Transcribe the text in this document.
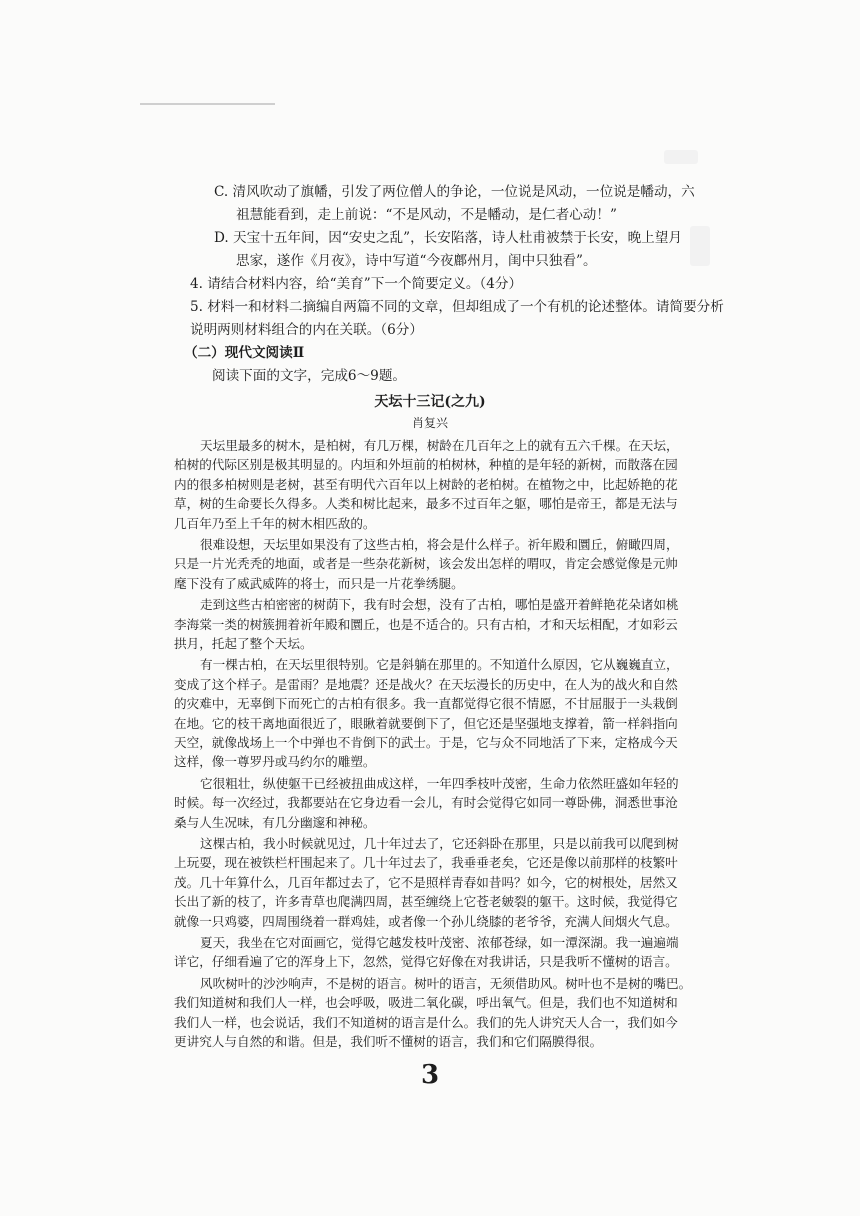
C. 清风吹动了旗幡，引发了两位僧人的争论，一位说是风动，一位说是幡动，六
祖慧能看到，走上前说：“不是风动，不是幡动，是仁者心动！”
D. 天宝十五年间，因“安史之乱”，长安陷落，诗人杜甫被禁于长安，晚上望月
思家，遂作《月夜》，诗中写道“今夜鄜州月，闺中只独看”。
4. 请结合材料内容，给“美育”下一个简要定义。（4分）
5. 材料一和材料二摘编自两篇不同的文章，但却组成了一个有机的论述整体。请简要分析
说明两则材料组合的内在关联。（6分）
（二）现代文阅读Ⅱ
阅读下面的文字，完成6～9题。
天坛十三记(之九)
肖复兴
天坛里最多的树木，是柏树，有几万棵，树龄在几百年之上的就有五六千棵。在天坛，
柏树的代际区别是极其明显的。内垣和外垣前的柏树林，种植的是年轻的新树，而散落在园
内的很多柏树则是老树，甚至有明代六百年以上树龄的老柏树。在植物之中，比起娇艳的花
草，树的生命要长久得多。人类和树比起来，最多不过百年之躯，哪怕是帝王，都是无法与
几百年乃至上千年的树木相匹敌的。
很难设想，天坛里如果没有了这些古柏，将会是什么样子。祈年殿和圜丘，俯瞰四周，
只是一片光秃秃的地面，或者是一些杂花新树，该会发出怎样的喟叹，肯定会感觉像是元帅
麾下没有了威武威阵的将士，而只是一片花拳绣腿。
走到这些古柏密密的树荫下，我有时会想，没有了古柏，哪怕是盛开着鲜艳花朵诸如桃
李海棠一类的树簇拥着祈年殿和圜丘，也是不适合的。只有古柏，才和天坛相配，才如彩云
拱月，托起了整个天坛。
有一棵古柏，在天坛里很特别。它是斜躺在那里的。不知道什么原因，它从巍巍直立，
变成了这个样子。是雷雨？是地震？还是战火？在天坛漫长的历史中，在人为的战火和自然
的灾难中，无辜倒下而死亡的古柏有很多。我一直都觉得它很不情愿，不甘屈服于一头栽倒
在地。它的枝干离地面很近了，眼瞅着就要倒下了，但它还是坚强地支撑着，箭一样斜指向
天空，就像战场上一个中弹也不肯倒下的武士。于是，它与众不同地活了下来，定格成今天
这样，像一尊罗丹或马约尔的雕塑。
它很粗壮，纵使躯干已经被扭曲成这样，一年四季枝叶茂密，生命力依然旺盛如年轻的
时候。每一次经过，我都要站在它身边看一会儿，有时会觉得它如同一尊卧佛，洞悉世事沧
桑与人生况味，有几分幽邃和神秘。
这棵古柏，我小时候就见过，几十年过去了，它还斜卧在那里，只是以前我可以爬到树
上玩耍，现在被铁栏杆围起来了。几十年过去了，我垂垂老矣，它还是像以前那样的枝繁叶
茂。几十年算什么，几百年都过去了，它不是照样青春如昔吗？如今，它的树根处，居然又
长出了新的枝了，许多青草也爬满四周，甚至缠绕上它苍老皴裂的躯干。这时候，我觉得它
就像一只鸡婆，四周围绕着一群鸡娃，或者像一个孙儿绕膝的老爷爷，充满人间烟火气息。
夏天，我坐在它对面画它，觉得它越发枝叶茂密、浓郁苍绿，如一潭深湖。我一遍遍端
详它，仔细看遍了它的浑身上下，忽然，觉得它好像在对我讲话，只是我听不懂树的语言。
3
风吹树叶的沙沙响声，不是树的语言。树叶的语言，无须借助风。树叶也不是树的嘴巴。
我们知道树和我们人一样，也会呼吸，吸进二氧化碳，呼出氧气。但是，我们也不知道树和
我们人一样，也会说话，我们不知道树的语言是什么。我们的先人讲究天人合一，我们如今
更讲究人与自然的和谐。但是，我们听不懂树的语言，我们和它们隔膜得很。
